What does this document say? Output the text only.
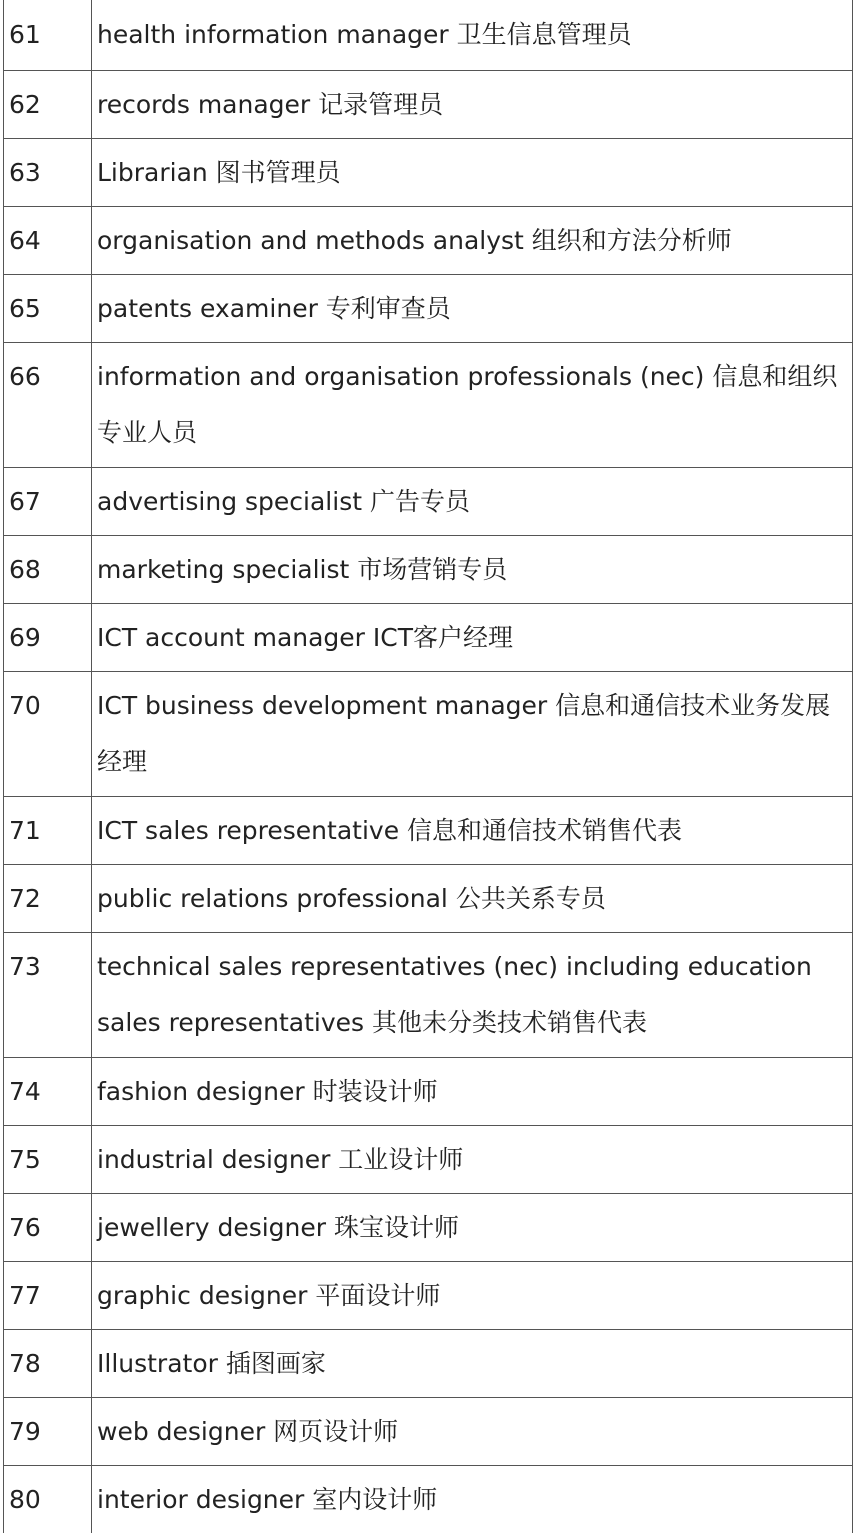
61	health information manager 卫生信息管理员
62	records manager 记录管理员
63	Librarian 图书管理员
64	organisation and methods analyst 组织和方法分析师
65	patents examiner 专利审查员
66	information and organisation professionals (nec) 信息和组织专业人员
67	advertising specialist 广告专员
68	marketing specialist 市场营销专员
69	ICT account manager ICT客户经理
70	ICT business development manager 信息和通信技术业务发展经理
71	ICT sales representative 信息和通信技术销售代表
72	public relations professional 公共关系专员
73	technical sales representatives (nec) including education sales representatives 其他未分类技术销售代表
74	fashion designer 时装设计师
75	industrial designer 工业设计师
76	jewellery designer 珠宝设计师
77	graphic designer 平面设计师
78	Illustrator 插图画家
79	web designer 网页设计师
80	interior designer 室内设计师
